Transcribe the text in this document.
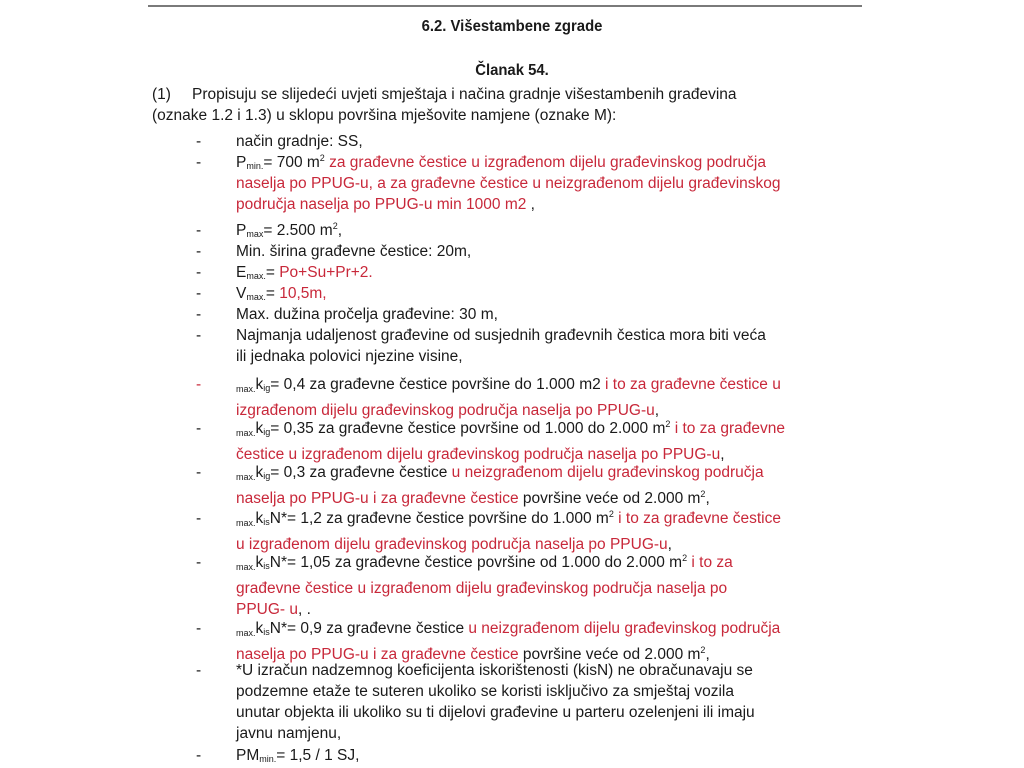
6.2. Višestambene zgrade
Članak 54.
(1) Propisuju se slijedeći uvjeti smještaja i načina gradnje višestambenih građevina
(oznake 1.2 i 1.3) u sklopu površina mješovite namjene (oznake M):
- način gradnje: SS,
- $P_{min.}= 700$ $m^2$ za građevne čestice u izgrađenom dijelu građevinskog područja
naselja po PPUG-u, a za građevne čestice u neizgrađenom dijelu građevinskog
područja naselja po PPUG-u min 1000 m2 ,
- $P_{max}= 2.500$ $m^2$,
- Min. širina građevne čestice: 20m,
- $E_{max.}= Po+Su+Pr+2$.
- $V_{max.}= 10,5m$,
- Max. dužina pročelja građevine: 30 m,
- Najmanja udaljenost građevine od susjednih građevnih čestica mora biti veća
ili jednaka polovici njezine visine,
-	$\max.k_{ig}= 0,4$ za građevne čestice površine do 1.000 m2 i to za građevne čestice u
izgrađenom dijelu građevinskog područja naselja po PPUG-u,
-	$\max.k_{ig}= 0,35$ za građevne čestice površine od 1.000 do 2.000 $m^2$ i to za građevne
čestice u izgrađenom dijelu građevinskog područja naselja po PPUG-u,
-	$\max.k_{ig}= 0,3$ za građevne čestice u neizgrađenom dijelu građevinskog područja
naselja po PPUG-u i za građevne čestice površine veće od 2.000 $m^2$,
-	$\max.k_{is}N*= 1,2$ za građevne čestice površine do 1.000 $m^2$ i to za građevne čestice
u izgrađenom dijelu građevinskog područja naselja po PPUG-u,
-	$\max.k_{is}N*= 1,05$ za građevne čestice površine od 1.000 do 2.000 $m^2$ i to za
građevne čestice u izgrađenom dijelu građevinskog područja naselja po
PPUG- u, .
-	$\max.k_{is}N*= 0,9$ za građevne čestice u neizgrađenom dijelu građevinskog područja
naselja po PPUG-u i za građevne čestice površine veće od 2.000 $m^2$,
- *U izračun nadzemnog koeficijenta iskorištenosti (kisN) ne obračunavaju se
podzemne etaže te suteren ukoliko se koristi isključivo za smještaj vozila
unutar objekta ili ukoliko su ti dijelovi građevine u parteru ozelenjeni ili imaju
javnu namjenu,
- $PM_{min.}= 1,5 / 1$ SJ,
